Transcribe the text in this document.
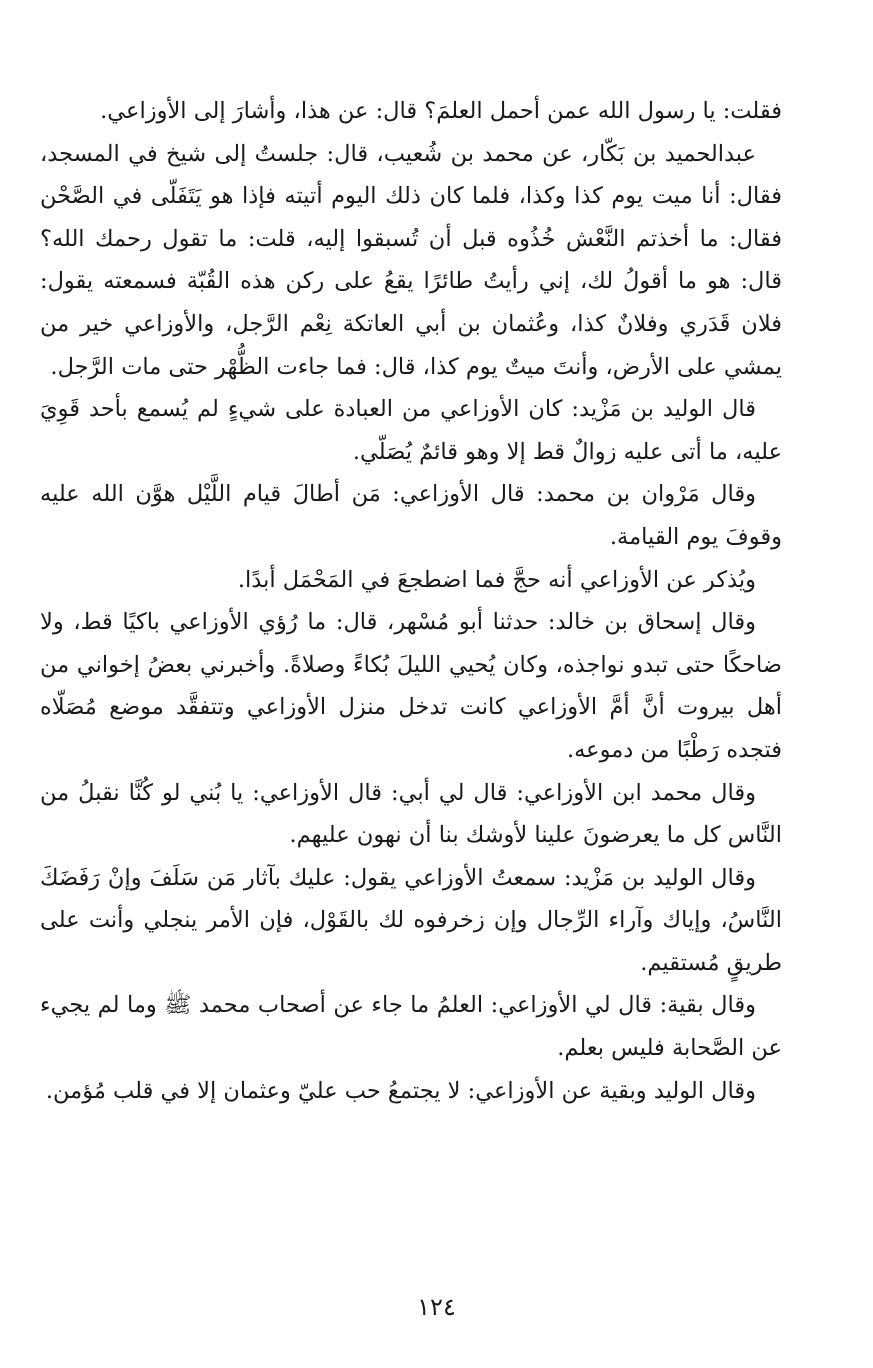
فقلت: يا رسول الله عمن أحمل العلمَ؟ قال: عن هذا، وأشارَ إلى الأوزاعي.

عبدالحميد بن بَكّار، عن محمد بن شُعيب، قال: جلستُ إلى شيخ في المسجد، فقال: أنا ميت يوم كذا وكذا، فلما كان ذلك اليوم أتيته فإذا هو يَتَفَلّى في الصَّحْن فقال: ما أخذتم النَّعْش خُذُوه قبل أن تُسبقوا إليه، قلت: ما تقول رحمك الله؟ قال: هو ما أقولُ لك، إني رأيتُ طائرًا يقعُ على ركن هذه القُبّة فسمعته يقول: فلان قَدَري وفلانٌ كذا، وعُثمان بن أبي العاتكة نِعْم الرَّجل، والأوزاعي خير من يمشي على الأرض، وأنتَ ميتٌ يوم كذا، قال: فما جاءت الظُّهْر حتى مات الرَّجل.

قال الوليد بن مَزْيد: كان الأوزاعي من العبادة على شيءٍ لم يُسمع بأحد قَوِيَ عليه، ما أتى عليه زوالٌ قط إلا وهو قائمٌ يُصَلّي.

وقال مَرْوان بن محمد: قال الأوزاعي: مَن أطالَ قيام اللَّيْل هوَّن الله عليه وقوفَ يوم القيامة.

ويُذكر عن الأوزاعي أنه حجَّ فما اضطجعَ في المَحْمَل أبدًا.

وقال إسحاق بن خالد: حدثنا أبو مُسْهر، قال: ما رُؤي الأوزاعي باكيًا قط، ولا ضاحكًا حتى تبدو نواجذه، وكان يُحيي الليلَ بُكاءً وصلاةً. وأخبرني بعضُ إخواني من أهل بيروت أنَّ أمَّ الأوزاعي كانت تدخل منزل الأوزاعي وتتفقَّد موضع مُصَلّاه فتجده رَطْبًا من دموعه.

وقال محمد ابن الأوزاعي: قال لي أبي: قال الأوزاعي: يا بُني لو كُنَّا نقبلُ من النَّاس كل ما يعرضونَ علينا لأوشك بنا أن نهون عليهم.

وقال الوليد بن مَزْيد: سمعتُ الأوزاعي يقول: عليك بآثار مَن سَلَفَ وإنْ رَفَضَكَ النَّاسُ، وإياك وآراء الرِّجال وإن زخرفوه لك بالقَوْل، فإن الأمر ينجلي وأنت على طريقٍ مُستقيم.

وقال بقية: قال لي الأوزاعي: العلمُ ما جاء عن أصحاب محمد ﷺ وما لم يجيء عن الصَّحابة فليس بعلم.

وقال الوليد وبقية عن الأوزاعي: لا يجتمعُ حب عليّ وعثمان إلا في قلب مُؤمن.

١٢٤
